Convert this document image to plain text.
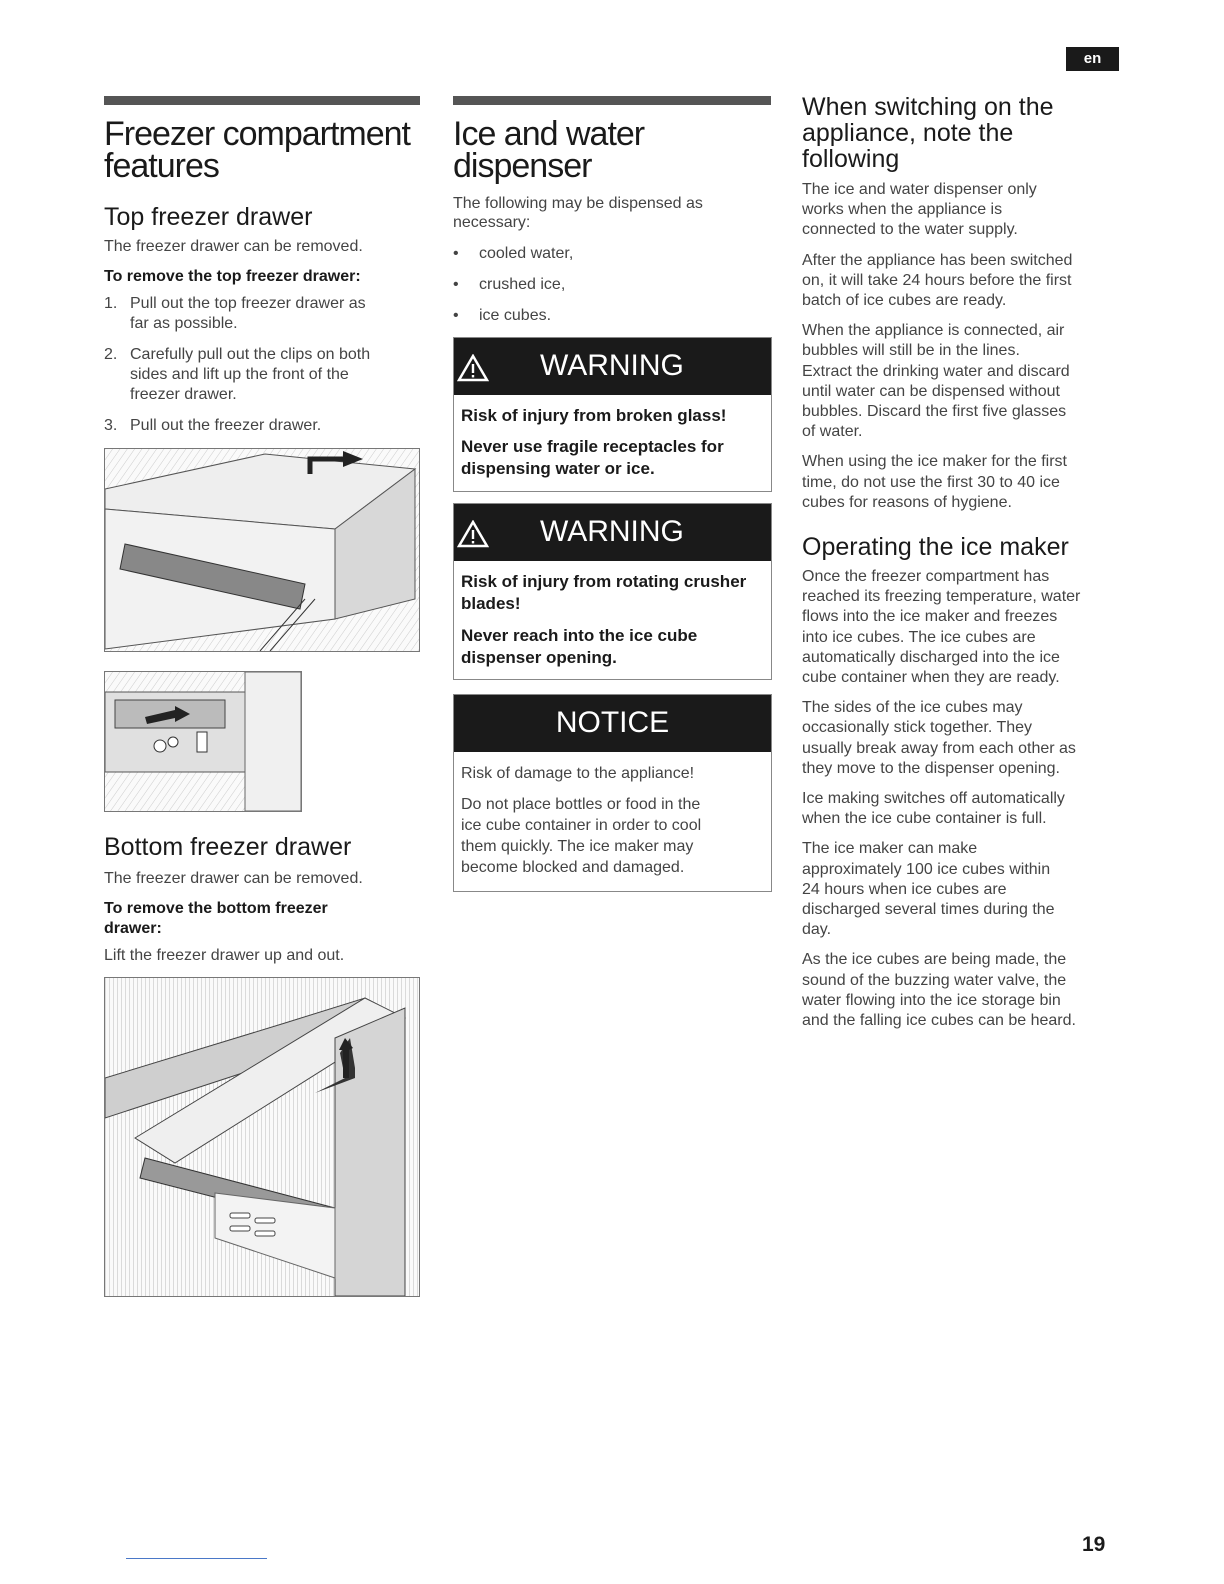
en
Freezer compartment
features
Top freezer drawer
The freezer drawer can be removed.
To remove the top freezer drawer:
1. Pull out the top freezer drawer as
far as possible.
2. Carefully pull out the clips on both
sides and lift up the front of the
freezer drawer.
3. Pull out the freezer drawer.
Bottom freezer drawer
The freezer drawer can be removed.
To remove the bottom freezer
drawer:
Lift the freezer drawer up and out.
Ice and water
dispenser
The following may be dispensed as
necessary:
• cooled water,
• crushed ice,
• ice cubes.
WARNING
Risk of injury from broken glass!
Never use fragile receptacles for
dispensing water or ice.
WARNING
Risk of injury from rotating crusher
blades!
Never reach into the ice cube
dispenser opening.
NOTICE
Risk of damage to the appliance!
Do not place bottles or food in the
ice cube container in order to cool
them quickly. The ice maker may
become blocked and damaged.
When switching on the
appliance, note the
following
The ice and water dispenser only
works when the appliance is
connected to the water supply.
After the appliance has been switched
on, it will take 24 hours before the first
batch of ice cubes are ready.
When the appliance is connected, air
bubbles will still be in the lines.
Extract the drinking water and discard
until water can be dispensed without
bubbles. Discard the first five glasses
of water.
When using the ice maker for the first
time, do not use the first 30 to 40 ice
cubes for reasons of hygiene.
Operating the ice maker
Once the freezer compartment has
reached its freezing temperature, water
flows into the ice maker and freezes
into ice cubes. The ice cubes are
automatically discharged into the ice
cube container when they are ready.
The sides of the ice cubes may
occasionally stick together. They
usually break away from each other as
they move to the dispenser opening.
Ice making switches off automatically
when the ice cube container is full.
The ice maker can make
approximately 100 ice cubes within
24 hours when ice cubes are
discharged several times during the
day.
As the ice cubes are being made, the
sound of the buzzing water valve, the
water flowing into the ice storage bin
and the falling ice cubes can be heard.
19
